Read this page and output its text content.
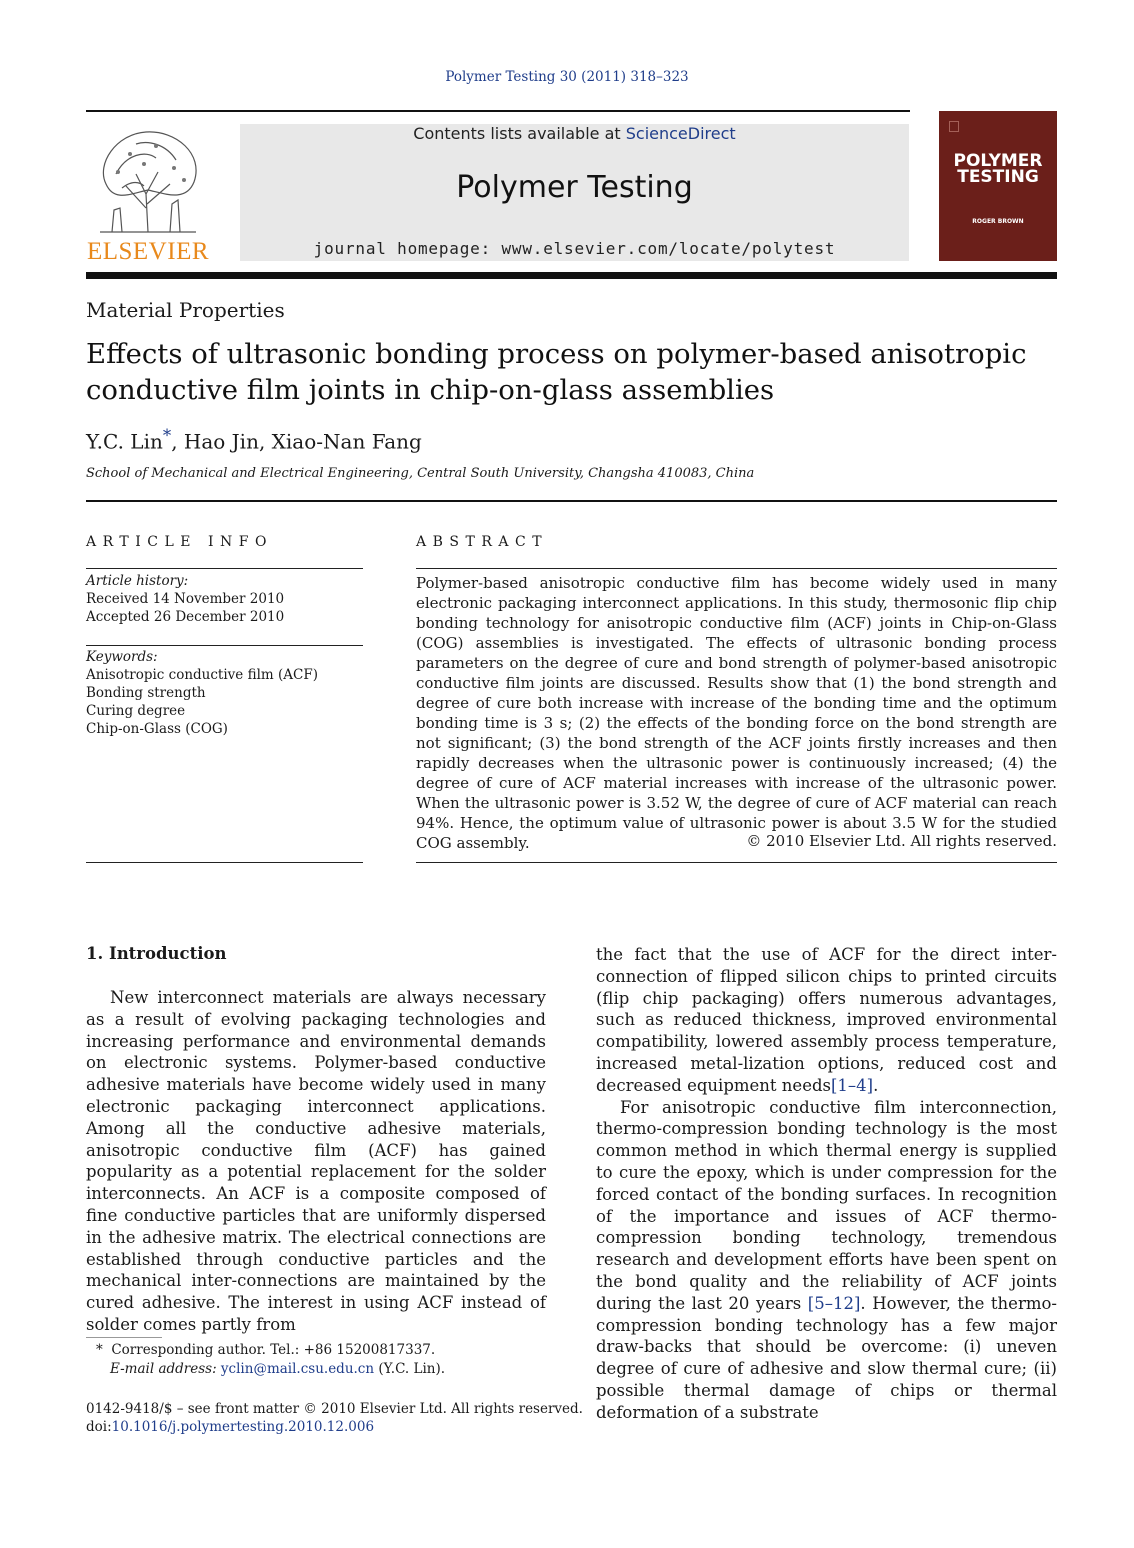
Polymer Testing 30 (2011) 318–323
ELSEVIER
Contents lists available at ScienceDirect
Polymer Testing
journal homepage: www.elsevier.com/locate/polytest
POLYMER
TESTING
ROGER BROWN
Material Properties
Effects of ultrasonic bonding process on polymer-based anisotropic
conductive film joints in chip-on-glass assemblies
Y.C. Lin*, Hao Jin, Xiao-Nan Fang
School of Mechanical and Electrical Engineering, Central South University, Changsha 410083, China
ARTICLE INFO
Article history:
Received 14 November 2010
Accepted 26 December 2010
Keywords:
Anisotropic conductive film (ACF)
Bonding strength
Curing degree
Chip-on-Glass (COG)
ABSTRACT

Polymer-based anisotropic conductive film has become widely used in many electronic packaging interconnect applications. In this study, thermosonic flip chip bonding technology for anisotropic conductive film (ACF) joints in Chip-on-Glass (COG) assemblies is investigated. The effects of ultrasonic bonding process parameters on the degree of cure and bond strength of polymer-based anisotropic conductive film joints are discussed. Results show that (1) the bond strength and degree of cure both increase with increase of the bonding time and the optimum bonding time is 3 s; (2) the effects of the bonding force on the bond strength are not significant; (3) the bond strength of the ACF joints firstly increases and then rapidly decreases when the ultrasonic power is continuously increased; (4) the degree of cure of ACF material increases with increase of the ultrasonic power. When the ultrasonic power is 3.52 W, the degree of cure of ACF material can reach 94%. Hence, the optimum value of ultrasonic power is about 3.5 W for the studied COG assembly.	© 2010 Elsevier Ltd. All rights reserved.
1. Introduction

New interconnect materials are always necessary as a result of evolving packaging technologies and increasing performance and environmental demands on electronic systems. Polymer-based conductive adhesive materials have become widely used in many electronic packaging interconnect applications. Among all the conductive adhesive materials, anisotropic conductive film (ACF) has gained popularity as a potential replacement for the solder interconnects. An ACF is a composite composed of fine conductive particles that are uniformly dispersed in the adhesive matrix. The electrical connections are established through conductive particles and the mechanical inter-connections are maintained by the cured adhesive. The interest in using ACF instead of solder comes partly from

the fact that the use of ACF for the direct inter-connection of flipped silicon chips to printed circuits (flip chip packaging) offers numerous advantages, such as reduced thickness, improved environmental compatibility, lowered assembly process temperature, increased metal-lization options, reduced cost and decreased equipment needs[1–4].

For anisotropic conductive film interconnection, thermo-compression bonding technology is the most common method in which thermal energy is supplied to cure the epoxy, which is under compression for the forced contact of the bonding surfaces. In recognition of the importance and issues of ACF thermo-compression bonding technology, tremendous research and development efforts have been spent on the bond quality and the reliability of ACF joints during the last 20 years [5–12]. However, the thermo-compression bonding technology has a few major draw-backs that should be overcome: (i) uneven degree of cure of adhesive and slow thermal cure; (ii) possible thermal damage of chips or thermal deformation of a substrate

* Corresponding author. Tel.: +86 15200817337.
E-mail address: yclin@mail.csu.edu.cn (Y.C. Lin).
0142-9418/$ – see front matter © 2010 Elsevier Ltd. All rights reserved.
doi:10.1016/j.polymertesting.2010.12.006
